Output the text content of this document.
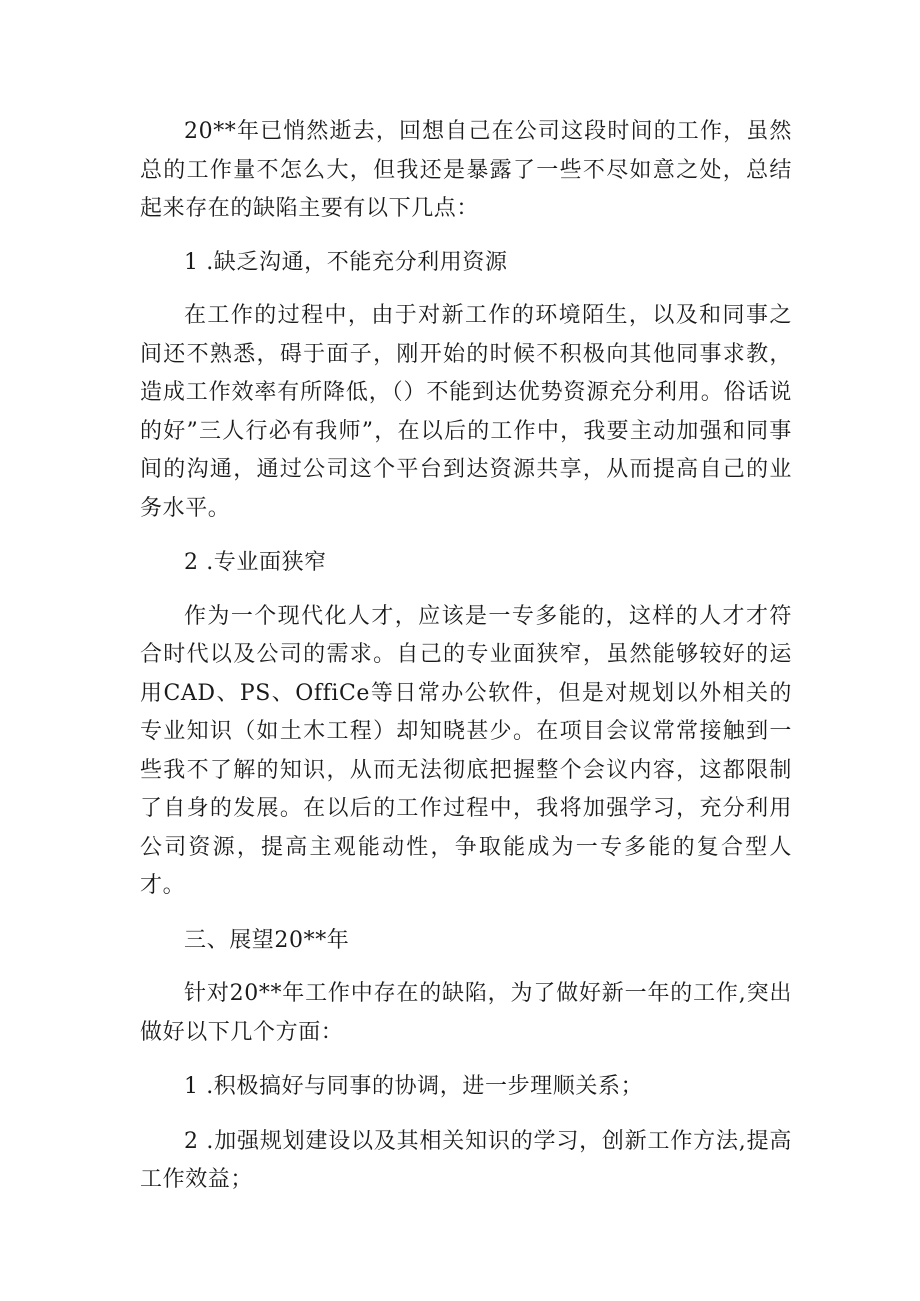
20**年已悄然逝去，回想自己在公司这段时间的工作，虽然总的工作量不怎么大，但我还是暴露了一些不尽如意之处，总结起来存在的缺陷主要有以下几点：

1 .缺乏沟通，不能充分利用资源

在工作的过程中，由于对新工作的环境陌生，以及和同事之间还不熟悉，碍于面子，刚开始的时候不积极向其他同事求教，造成工作效率有所降低，（）不能到达优势资源充分利用。俗话说的好”三人行必有我师”，在以后的工作中，我要主动加强和同事间的沟通，通过公司这个平台到达资源共享，从而提高自己的业务水平。

2 .专业面狭窄

作为一个现代化人才，应该是一专多能的，这样的人才才符合时代以及公司的需求。自己的专业面狭窄，虽然能够较好的运用CAD、PS、OffiCe等日常办公软件，但是对规划以外相关的专业知识（如土木工程）却知晓甚少。在项目会议常常接触到一些我不了解的知识，从而无法彻底把握整个会议内容，这都限制了自身的发展。在以后的工作过程中，我将加强学习，充分利用公司资源，提高主观能动性，争取能成为一专多能的复合型人才。

三、展望20**年

针对20**年工作中存在的缺陷，为了做好新一年的工作,突出做好以下几个方面：

1 .积极搞好与同事的协调，进一步理顺关系；

2 .加强规划建设以及其相关知识的学习，创新工作方法,提高工作效益；
